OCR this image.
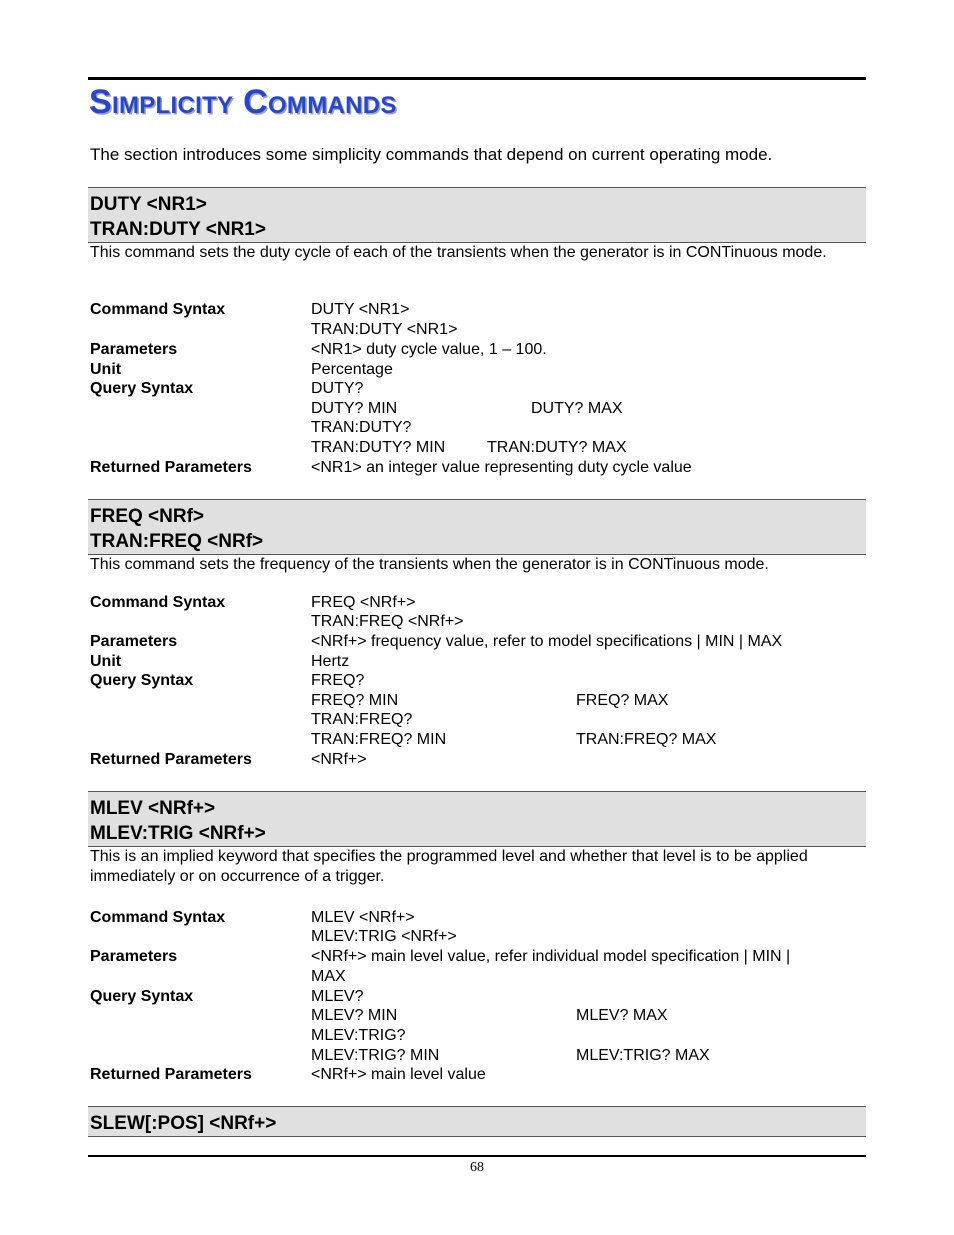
Simplicity Commands
The section introduces some simplicity commands that depend on current operating mode.
DUTY <NR1>
TRAN:DUTY <NR1>
This command sets the duty cycle of each of the transients when the generator is in CONTinuous mode.
Command Syntax	DUTY <NR1>
TRAN:DUTY <NR1>
Parameters	<NR1> duty cycle value, 1 – 100.
Unit	Percentage
Query Syntax	DUTY?
DUTY? MIN	DUTY? MAX
TRAN:DUTY?
TRAN:DUTY? MIN	TRAN:DUTY? MAX
Returned Parameters	<NR1> an integer value representing duty cycle value
FREQ <NRf>
TRAN:FREQ <NRf>
This command sets the frequency of the transients when the generator is in CONTinuous mode.
Command Syntax	FREQ <NRf+>
TRAN:FREQ <NRf+>
Parameters	<NRf+> frequency value, refer to model specifications | MIN | MAX
Unit	Hertz
Query Syntax	FREQ?
FREQ? MIN	FREQ? MAX
TRAN:FREQ?
TRAN:FREQ? MIN	TRAN:FREQ? MAX
Returned Parameters	<NRf+>
MLEV <NRf+>
MLEV:TRIG <NRf+>
This is an implied keyword that specifies the programmed level and whether that level is to be applied immediately or on occurrence of a trigger.
Command Syntax	MLEV <NRf+>
MLEV:TRIG <NRf+>
Parameters	<NRf+> main level value, refer individual model specification | MIN |
MAX
Query Syntax	MLEV?
MLEV? MIN	MLEV? MAX
MLEV:TRIG?
MLEV:TRIG? MIN	MLEV:TRIG? MAX
Returned Parameters	<NRf+> main level value
SLEW[:POS] <NRf+>
68
